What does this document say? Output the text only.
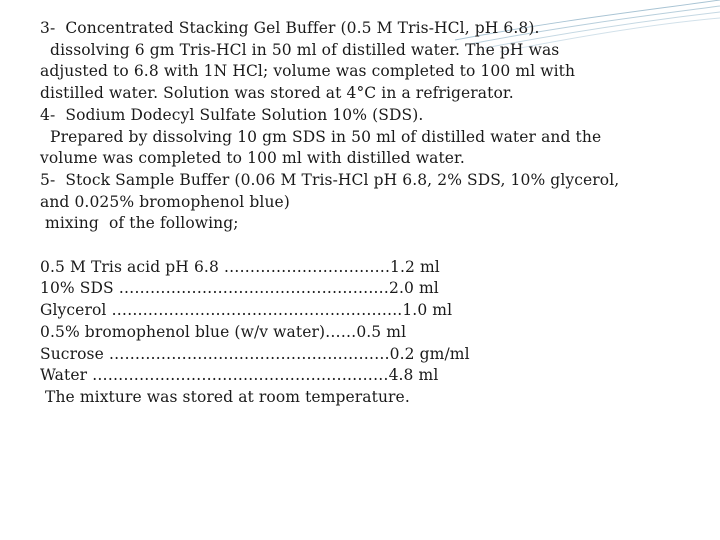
3-  Concentrated Stacking Gel Buffer (0.5 M Tris-HCl, pH 6.8).
dissolving 6 gm Tris-HCl in 50 ml of distilled water. The pH was
adjusted to 6.8 with 1N HCl; volume was completed to 100 ml with
distilled water. Solution was stored at 4°C in a refrigerator.
4-  Sodium Dodecyl Sulfate Solution 10% (SDS).
Prepared by dissolving 10 gm SDS in 50 ml of distilled water and the
volume was completed to 100 ml with distilled water.
5-  Stock Sample Buffer (0.06 M Tris-HCl pH 6.8, 2% SDS, 10% glycerol,
and 0.025% bromophenol blue)
mixing  of the following;
0.5 M Tris acid pH 6.8 ……………………….….1.2 ml
10% SDS ………………………………………….…2.0 ml
Glycerol ………………………………………………..1.0 ml
0.5% bromophenol blue (w/v water)……0.5 ml
Sucrose ………………………………………………0.2 gm/ml
Water …………………………………………………4.8 ml
The mixture was stored at room temperature.
